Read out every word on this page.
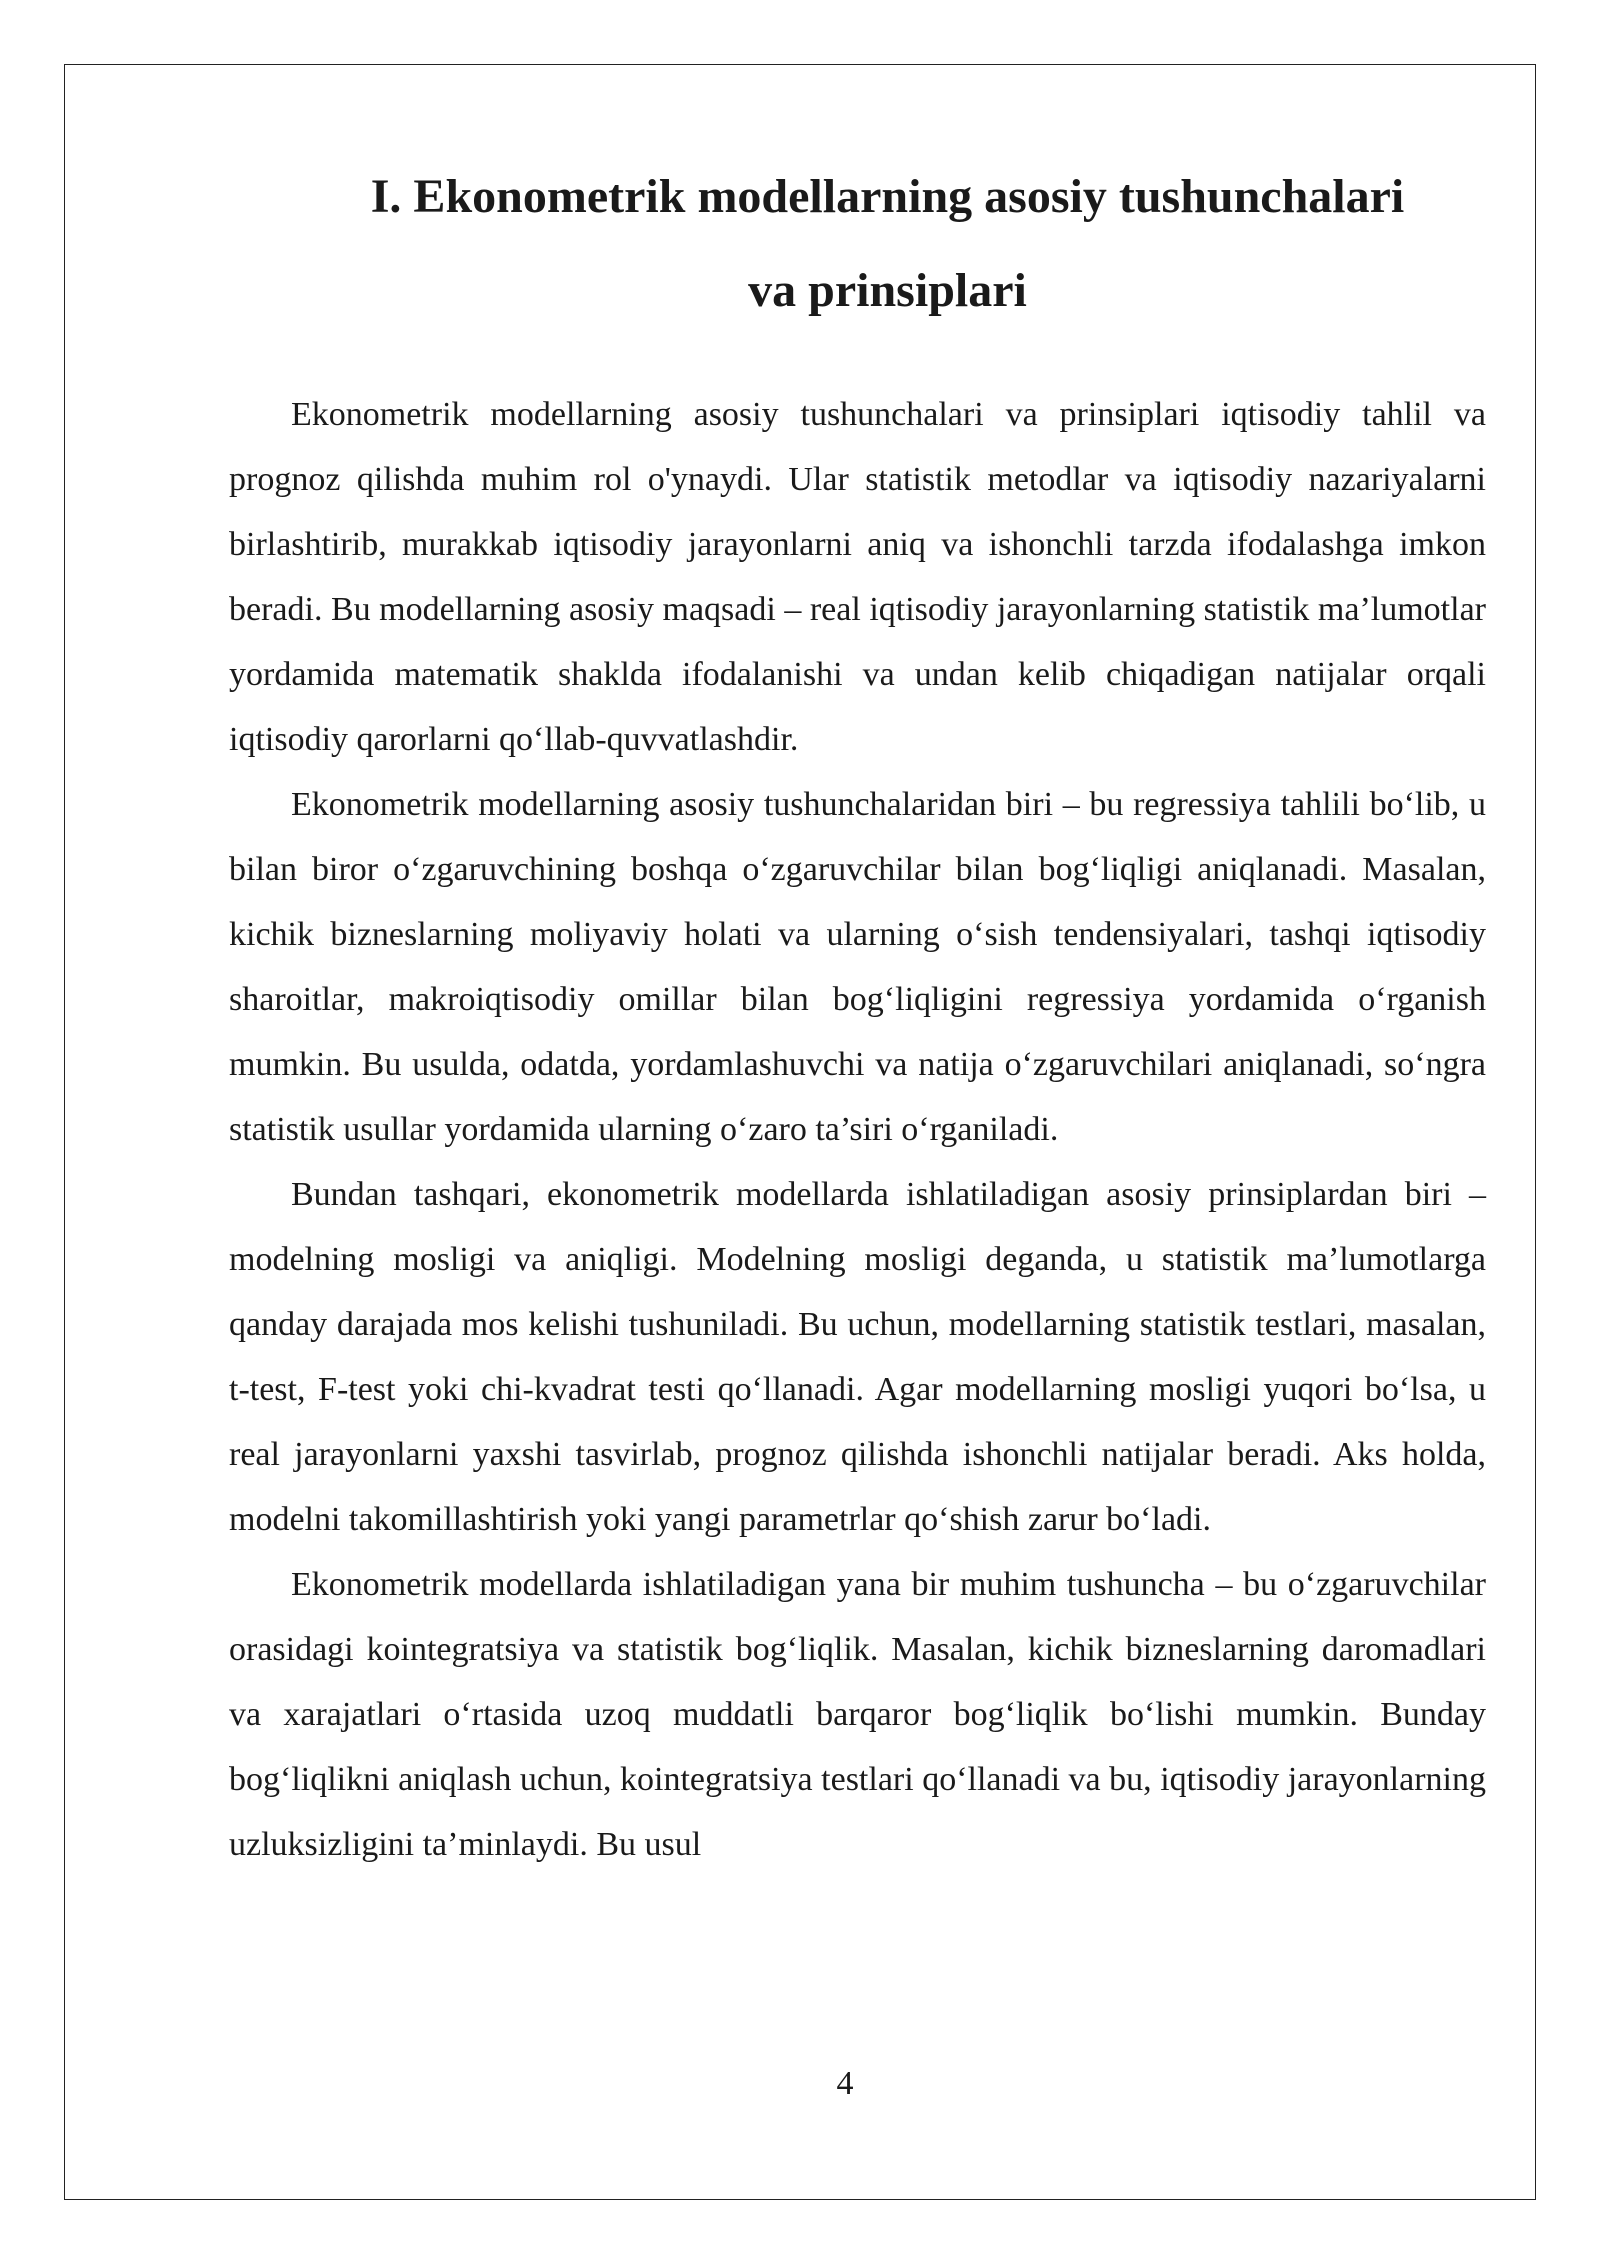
I. Ekonometrik modellarning asosiy tushunchalari
va prinsiplari

Ekonometrik modellarning asosiy tushunchalari va prinsiplari iqtisodiy tahlil va prognoz qilishda muhim rol o'ynaydi. Ular statistik metodlar va iqtisodiy nazariyalarni birlashtirib, murakkab iqtisodiy jarayonlarni aniq va ishonchli tarzda ifodalashga imkon beradi. Bu modellarning asosiy maqsadi – real iqtisodiy jarayonlarning statistik ma’lumotlar yordamida matematik shaklda ifodalanishi va undan kelib chiqadigan natijalar orqali iqtisodiy qarorlarni qo‘llab-quvvatlashdir.

Ekonometrik modellarning asosiy tushunchalaridan biri – bu regressiya tahlili bo‘lib, u bilan biror o‘zgaruvchining boshqa o‘zgaruvchilar bilan bog‘liqligi aniqlanadi. Masalan, kichik bizneslarning moliyaviy holati va ularning o‘sish tendensiyalari, tashqi iqtisodiy sharoitlar, makroiqtisodiy omillar bilan bog‘liqligini regressiya yordamida o‘rganish mumkin. Bu usulda, odatda, yordamlashuvchi va natija o‘zgaruvchilari aniqlanadi, so‘ngra statistik usullar yordamida ularning o‘zaro ta’siri o‘rganiladi.

Bundan tashqari, ekonometrik modellarda ishlatiladigan asosiy prinsiplardan biri – modelning mosligi va aniqligi. Modelning mosligi deganda, u statistik ma’lumotlarga qanday darajada mos kelishi tushuniladi. Bu uchun, modellarning statistik testlari, masalan, t-test, F-test yoki chi-kvadrat testi qo‘llanadi. Agar modellarning mosligi yuqori bo‘lsa, u real jarayonlarni yaxshi tasvirlab, prognoz qilishda ishonchli natijalar beradi. Aks holda, modelni takomillashtirish yoki yangi parametrlar qo‘shish zarur bo‘ladi.

Ekonometrik modellarda ishlatiladigan yana bir muhim tushuncha – bu o‘zgaruvchilar orasidagi kointegratsiya va statistik bog‘liqlik. Masalan, kichik bizneslarning daromadlari va xarajatlari o‘rtasida uzoq muddatli barqaror bog‘liqlik bo‘lishi mumkin. Bunday bog‘liqlikni aniqlash uchun, kointegratsiya testlari qo‘llanadi va bu, iqtisodiy jarayonlarning uzluksizligini ta’minlaydi. Bu usul

4
